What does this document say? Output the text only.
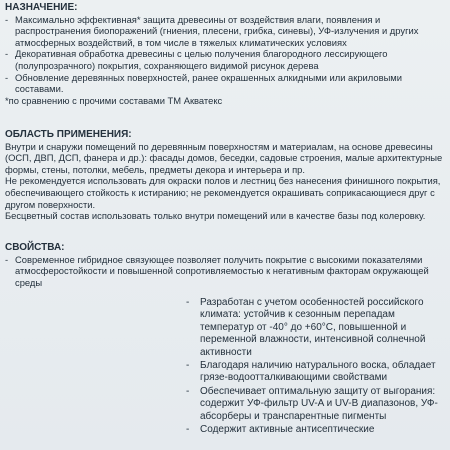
НАЗНАЧЕНИЕ:
- Максимально эффективная* защита древесины от воздействия влаги, появления и распространения биопоражений (гниения, плесени, грибка, синевы), УФ-излучения и других атмосферных воздействий, в том числе в тяжелых климатических условиях
- Декоративная обработка древесины с целью получения благородного лессирующего (полупрозрачного) покрытия, сохраняющего видимой рисунок дерева
- Обновление деревянных поверхностей, ранее окрашенных алкидными или акриловыми составами.
*по сравнению с прочими составами ТМ Акватекс
ОБЛАСТЬ ПРИМЕНЕНИЯ:
Внутри и снаружи помещений по деревянным поверхностям и материалам, на основе древесины (ОСП, ДВП, ДСП, фанера и др.): фасады домов, беседки, садовые строения, малые архитектурные формы, стены, потолки, мебель, предметы декора и интерьера и пр.
Не рекомендуется использовать для окраски полов и лестниц без нанесения финишного покрытия, обеспечивающего стойкость к истиранию; не рекомендуется окрашивать соприкасающиеся друг с другом поверхности.
Бесцветный состав использовать только внутри помещений или в качестве базы под колеровку.
СВОЙСТВА:
- Современное гибридное связующее позволяет получить покрытие с высокими показателями атмосферостойкости и повышенной сопротивляемостью к негативным факторам окружающей среды
-	Разработан с учетом особенностей российского климата: устойчив к сезонным перепадам температур от -40° до +60°С, повышенной и переменной влажности, интенсивной солнечной активности
-	Благодаря наличию натурального воска, обладает грязе-водоотталкивающими свойствами
-	Обеспечивает оптимальную защиту от выгорания: содержит УФ-фильтр UV-A и UV-B диапазонов, УФ-абсорберы и транспарентные пигменты
-	Содержит активные антисептические
